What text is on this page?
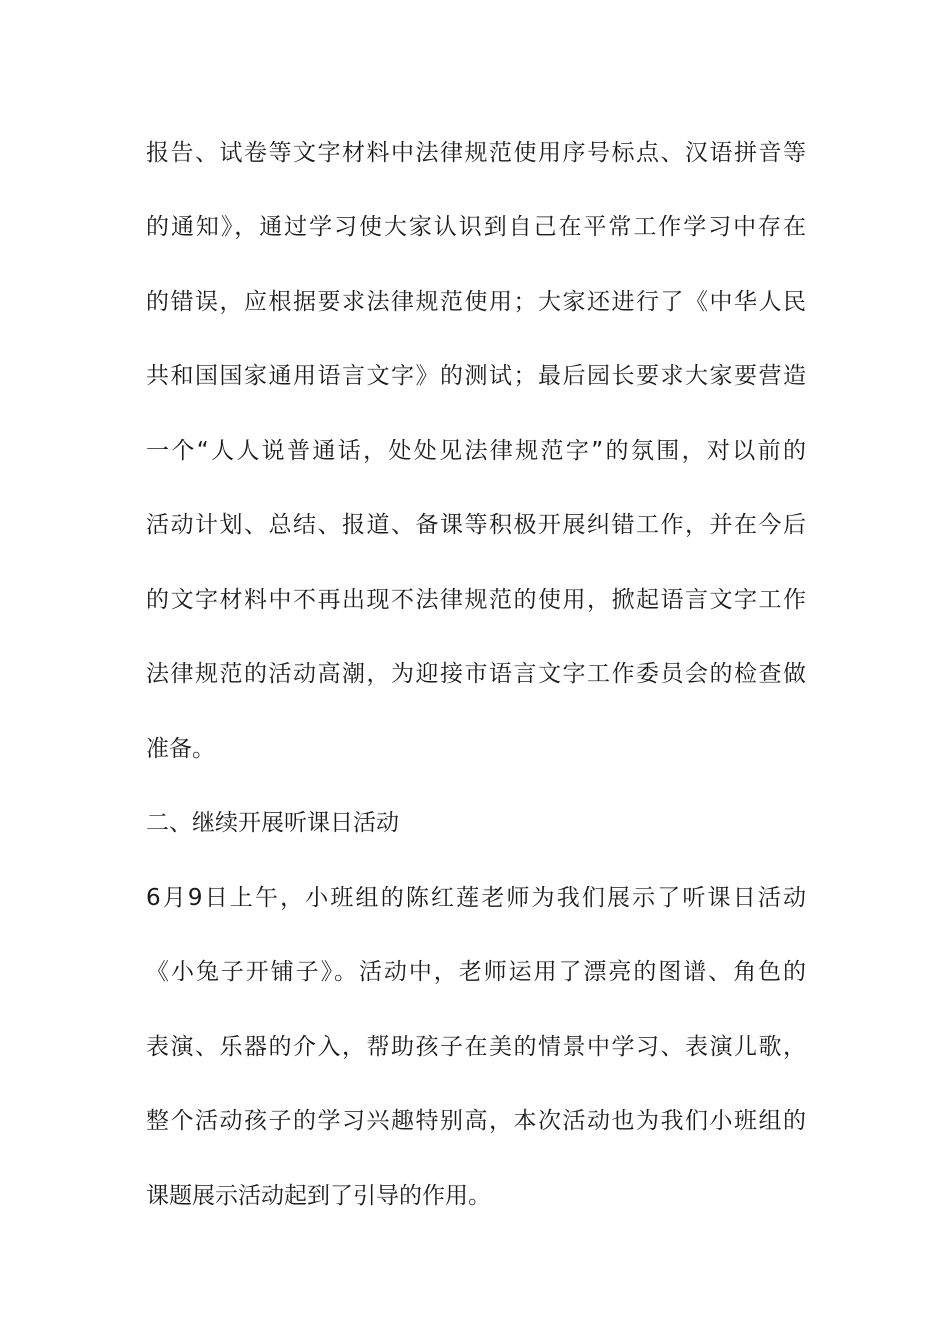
报告、试卷等文字材料中法律规范使用序号标点、汉语拼音等
的通知》，通过学习使大家认识到自己在平常工作学习中存在
的错误，应根据要求法律规范使用；大家还进行了《中华人民
共和国国家通用语言文字》的测试；最后园长要求大家要营造
一个“人人说普通话，处处见法律规范字”的氛围，对以前的
活动计划、总结、报道、备课等积极开展纠错工作，并在今后
的文字材料中不再出现不法律规范的使用，掀起语言文字工作
法律规范的活动高潮，为迎接市语言文字工作委员会的检查做
准备。
二、继续开展听课日活动
6月9日上午，小班组的陈红莲老师为我们展示了听课日活动
《小兔子开铺子》。活动中，老师运用了漂亮的图谱、角色的
表演、乐器的介入，帮助孩子在美的情景中学习、表演儿歌，
整个活动孩子的学习兴趣特别高，本次活动也为我们小班组的
课题展示活动起到了引导的作用。
